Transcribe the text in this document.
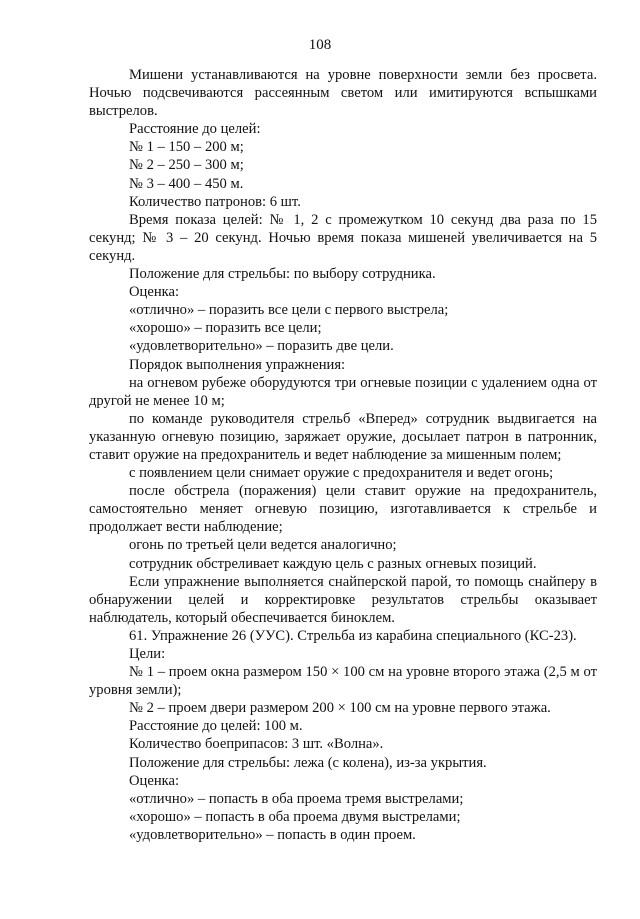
108

Мишени устанавливаются на уровне поверхности земли без просвета. Ночью подсвечиваются рассеянным светом или имитируются вспышками выстрелов.

Расстояние до целей:

№ 1 – 150 – 200 м;

№ 2 – 250 – 300 м;

№ 3 – 400 – 450 м.

Количество патронов: 6 шт.

Время показа целей: № 1, 2 с промежутком 10 секунд два раза по 15 секунд; № 3 – 20 секунд. Ночью время показа мишеней увеличивается на 5 секунд.

Положение для стрельбы: по выбору сотрудника.

Оценка:

«отлично» – поразить все цели с первого выстрела;

«хорошо» – поразить все цели;

«удовлетворительно» – поразить две цели.

Порядок выполнения упражнения:

на огневом рубеже оборудуются три огневые позиции с удалением одна от другой не менее 10 м;

по команде руководителя стрельб «Вперед» сотрудник выдвигается на указанную огневую позицию, заряжает оружие, досылает патрон в патронник, ставит оружие на предохранитель и ведет наблюдение за мишенным полем;

с появлением цели снимает оружие с предохранителя и ведет огонь;

после обстрела (поражения) цели ставит оружие на предохранитель, самостоятельно меняет огневую позицию, изготавливается к стрельбе и продолжает вести наблюдение;

огонь по третьей цели ведется аналогично;

сотрудник обстреливает каждую цель с разных огневых позиций.

Если упражнение выполняется снайперской парой, то помощь снайперу в обнаружении целей и корректировке результатов стрельбы оказывает наблюдатель, который обеспечивается биноклем.

61. Упражнение 26 (УУС). Стрельба из карабина специального (КС-23).

Цели:

№ 1 – проем окна размером 150 × 100 см на уровне второго этажа (2,5 м от уровня земли);

№ 2 – проем двери размером 200 × 100 см на уровне первого этажа.

Расстояние до целей: 100 м.

Количество боеприпасов: 3 шт. «Волна».

Положение для стрельбы: лежа (с колена), из-за укрытия.

Оценка:

«отлично» – попасть в оба проема тремя выстрелами;

«хорошо» – попасть в оба проема двумя выстрелами;

«удовлетворительно» – попасть в один проем.
